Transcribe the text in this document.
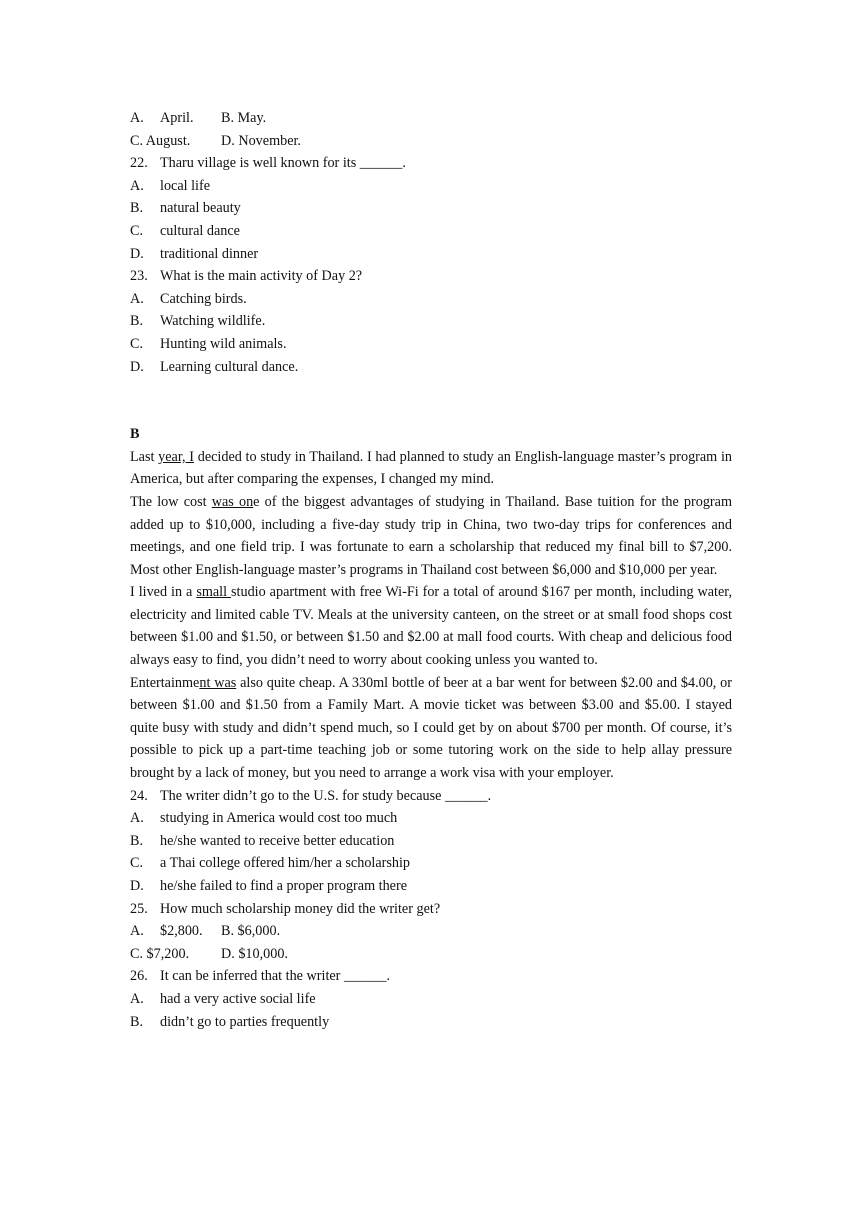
A. April. B. May.
C. August. D. November.
22. Tharu village is well known for its ______.
A. local life
B. natural beauty
C. cultural dance
D. traditional dinner
23. What is the main activity of Day 2?
A. Catching birds.
B. Watching wildlife.
C. Hunting wild animals.
D. Learning cultural dance.
B
Last year, I decided to study in Thailand. I had planned to study an English-language master’s program in America, but after comparing the expenses, I changed my mind.
The low cost was one of the biggest advantages of studying in Thailand. Base tuition for the program added up to $10,000, including a five-day study trip in China, two two-day trips for conferences and meetings, and one field trip. I was fortunate to earn a scholarship that reduced my final bill to $7,200. Most other English-language master’s programs in Thailand cost between $6,000 and $10,000 per year.
I lived in a small studio apartment with free Wi-Fi for a total of around $167 per month, including water, electricity and limited cable TV. Meals at the university canteen, on the street or at small food shops cost between $1.00 and $1.50, or between $1.50 and $2.00 at mall food courts. With cheap and delicious food always easy to find, you didn’t need to worry about cooking unless you wanted to.
Entertainment was also quite cheap. A 330ml bottle of beer at a bar went for between $2.00 and $4.00, or between $1.00 and $1.50 from a Family Mart. A movie ticket was between $3.00 and $5.00. I stayed quite busy with study and didn’t spend much, so I could get by on about $700 per month. Of course, it’s possible to pick up a part-time teaching job or some tutoring work on the side to help allay pressure brought by a lack of money, but you need to arrange a work visa with your employer.
24. The writer didn’t go to the U.S. for study because ______.
A. studying in America would cost too much
B. he/she wanted to receive better education
C. a Thai college offered him/her a scholarship
D. he/she failed to find a proper program there
25. How much scholarship money did the writer get?
A. $2,800. B. $6,000.
C. $7,200. D. $10,000.
26. It can be inferred that the writer ______.
A. had a very active social life
B. didn’t go to parties frequently
